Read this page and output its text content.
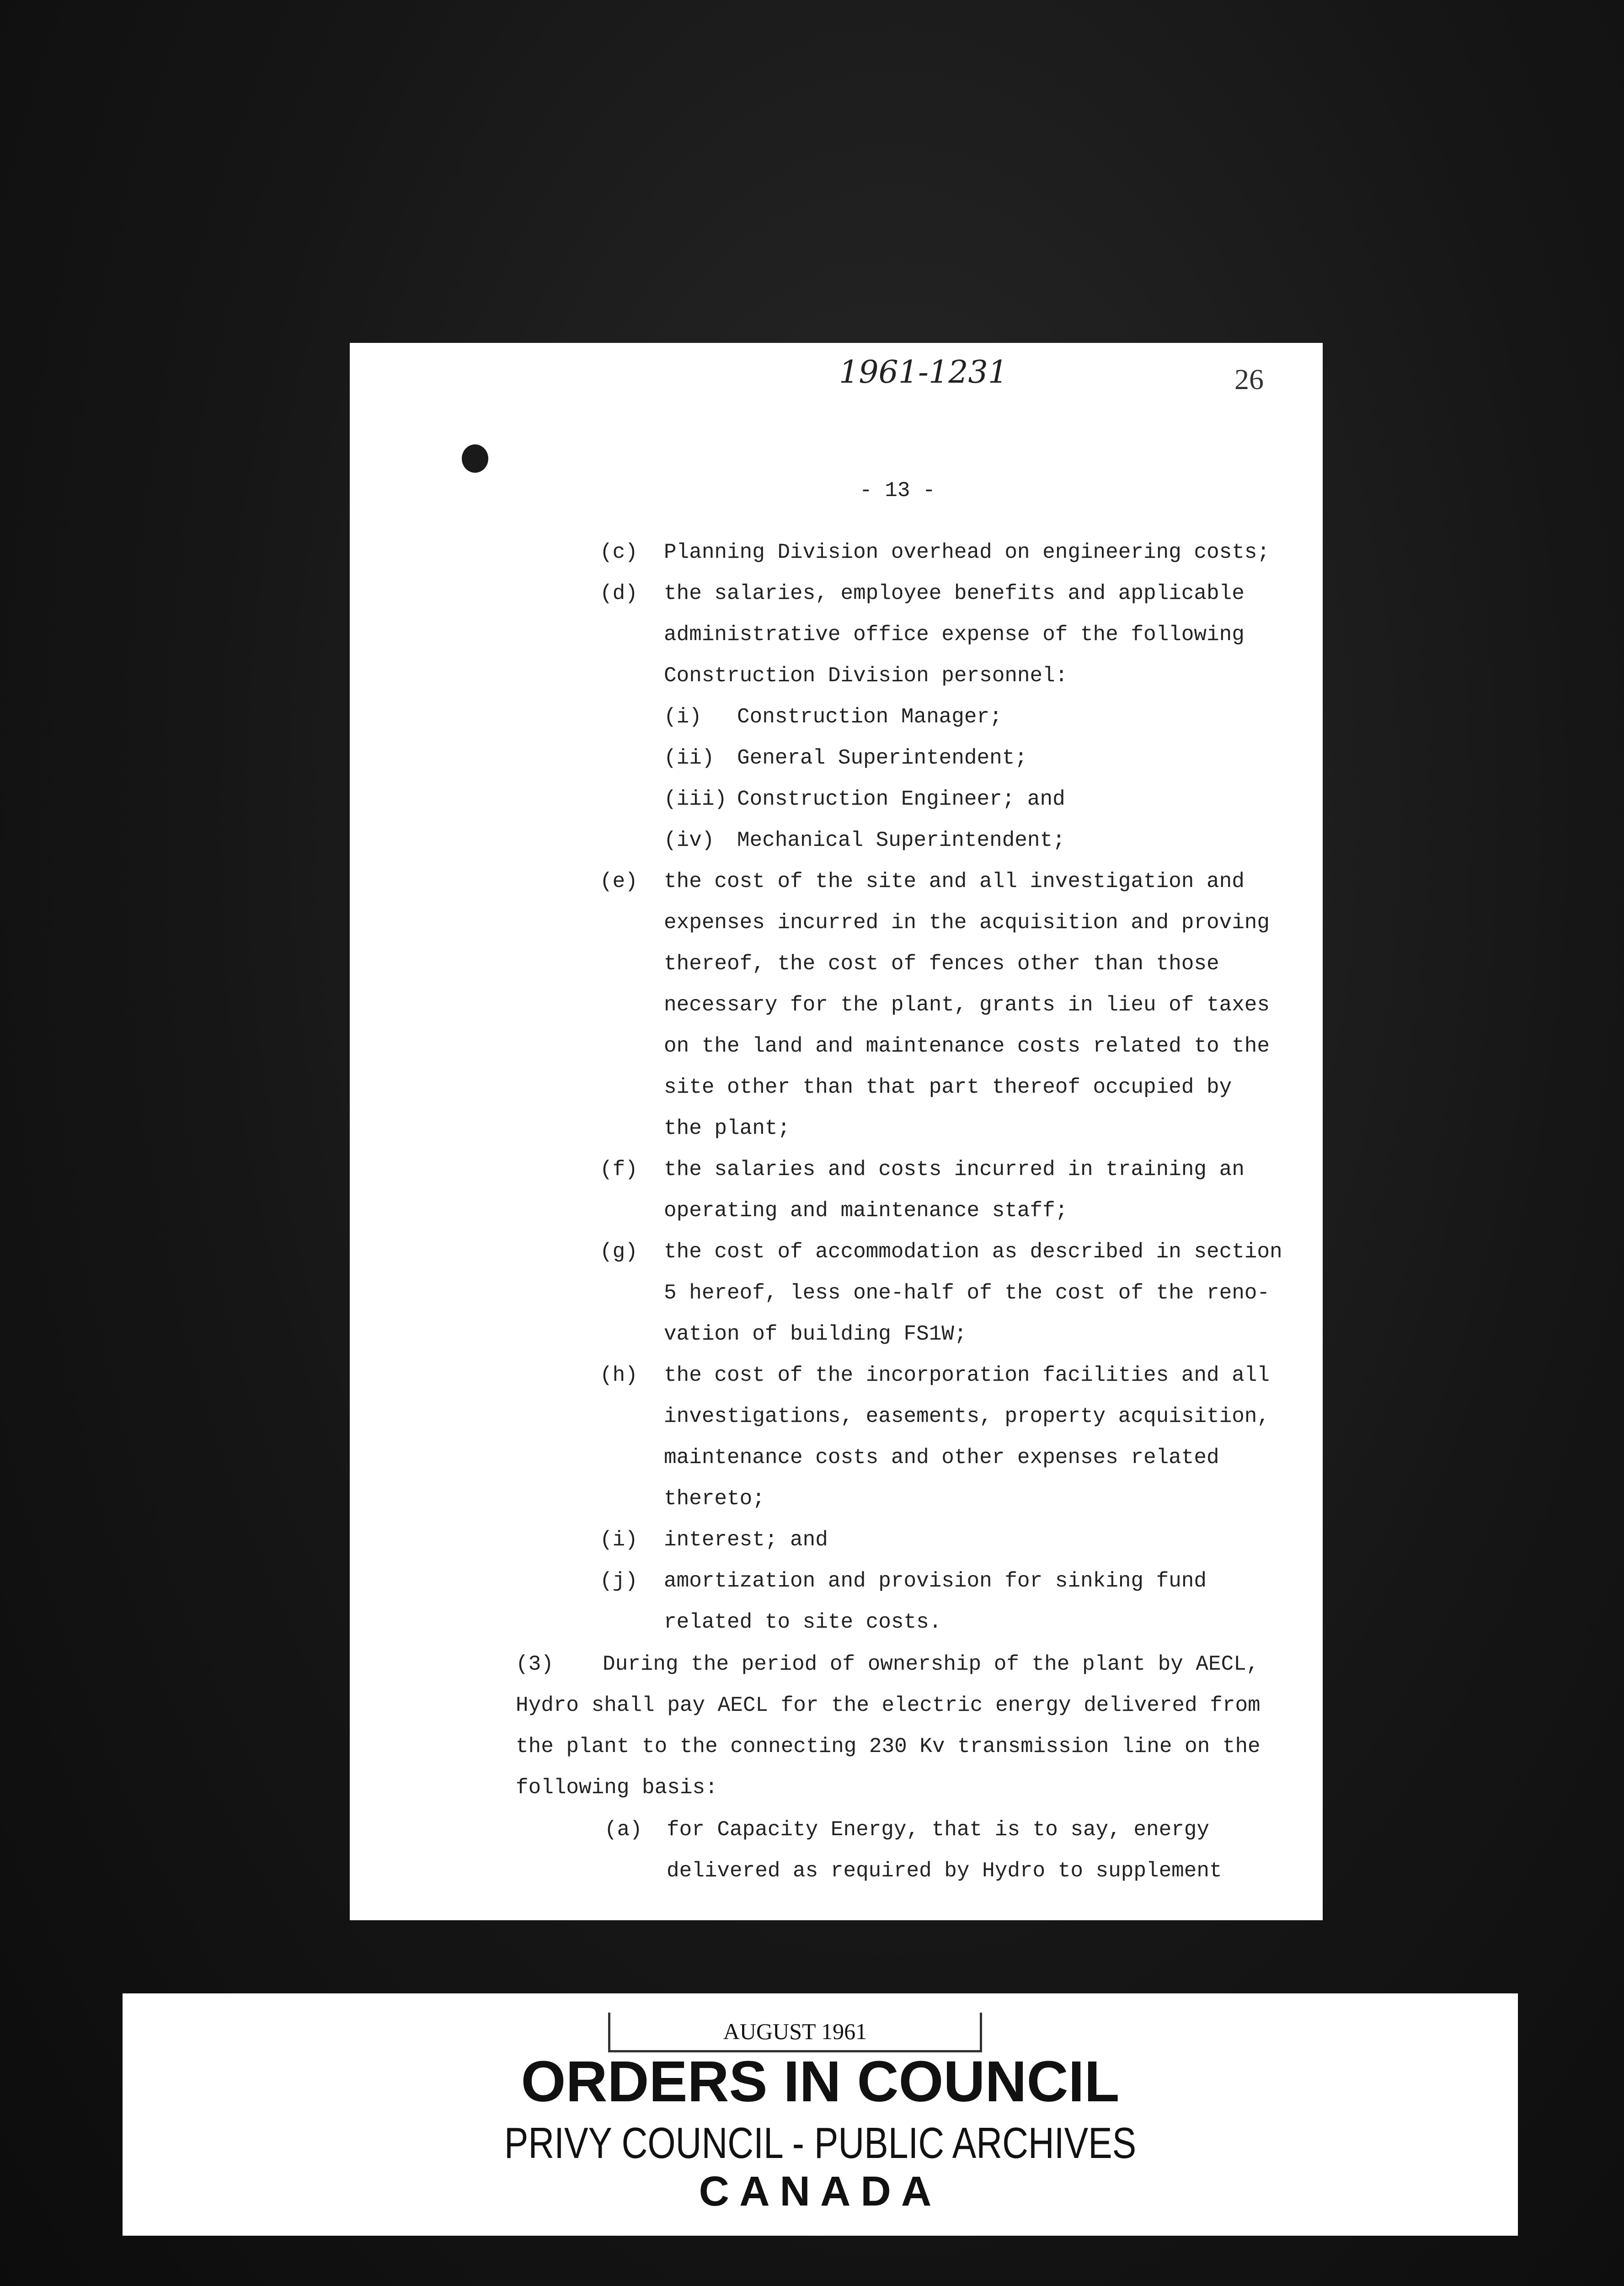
1961-1231	26
- 13 -
(c)	Planning Division overhead on engineering costs;
(d)	the salaries, employee benefits and applicable
administrative office expense of the following
Construction Division personnel:
(i)	Construction Manager;
(ii)	General Superintendent;
(iii) Construction Engineer; and
(iv)	Mechanical Superintendent;
(e)	the cost of the site and all investigation and
expenses incurred in the acquisition and proving
thereof, the cost of fences other than those
necessary for the plant, grants in lieu of taxes
on the land and maintenance costs related to the
site other than that part thereof occupied by
the plant;
(f)	the salaries and costs incurred in training an
operating and maintenance staff;
(g)	the cost of accommodation as described in section
5 hereof, less one-half of the cost of the reno-
vation of building FS1W;
(h)	the cost of the incorporation facilities and all
investigations, easements, property acquisition,
maintenance costs and other expenses related
thereto;
(i)	interest; and
(j)	amortization and provision for sinking fund
related to site costs.
(3)	During the period of ownership of the plant by AECL,
Hydro shall pay AECL for the electric energy delivered from
the plant to the connecting 230 Kv transmission line on the
following basis:
(a)	for Capacity Energy, that is to say, energy
delivered as required by Hydro to supplement
AUGUST 1961
ORDERS IN COUNCIL
PRIVY COUNCIL - PUBLIC ARCHIVES
CANADA
